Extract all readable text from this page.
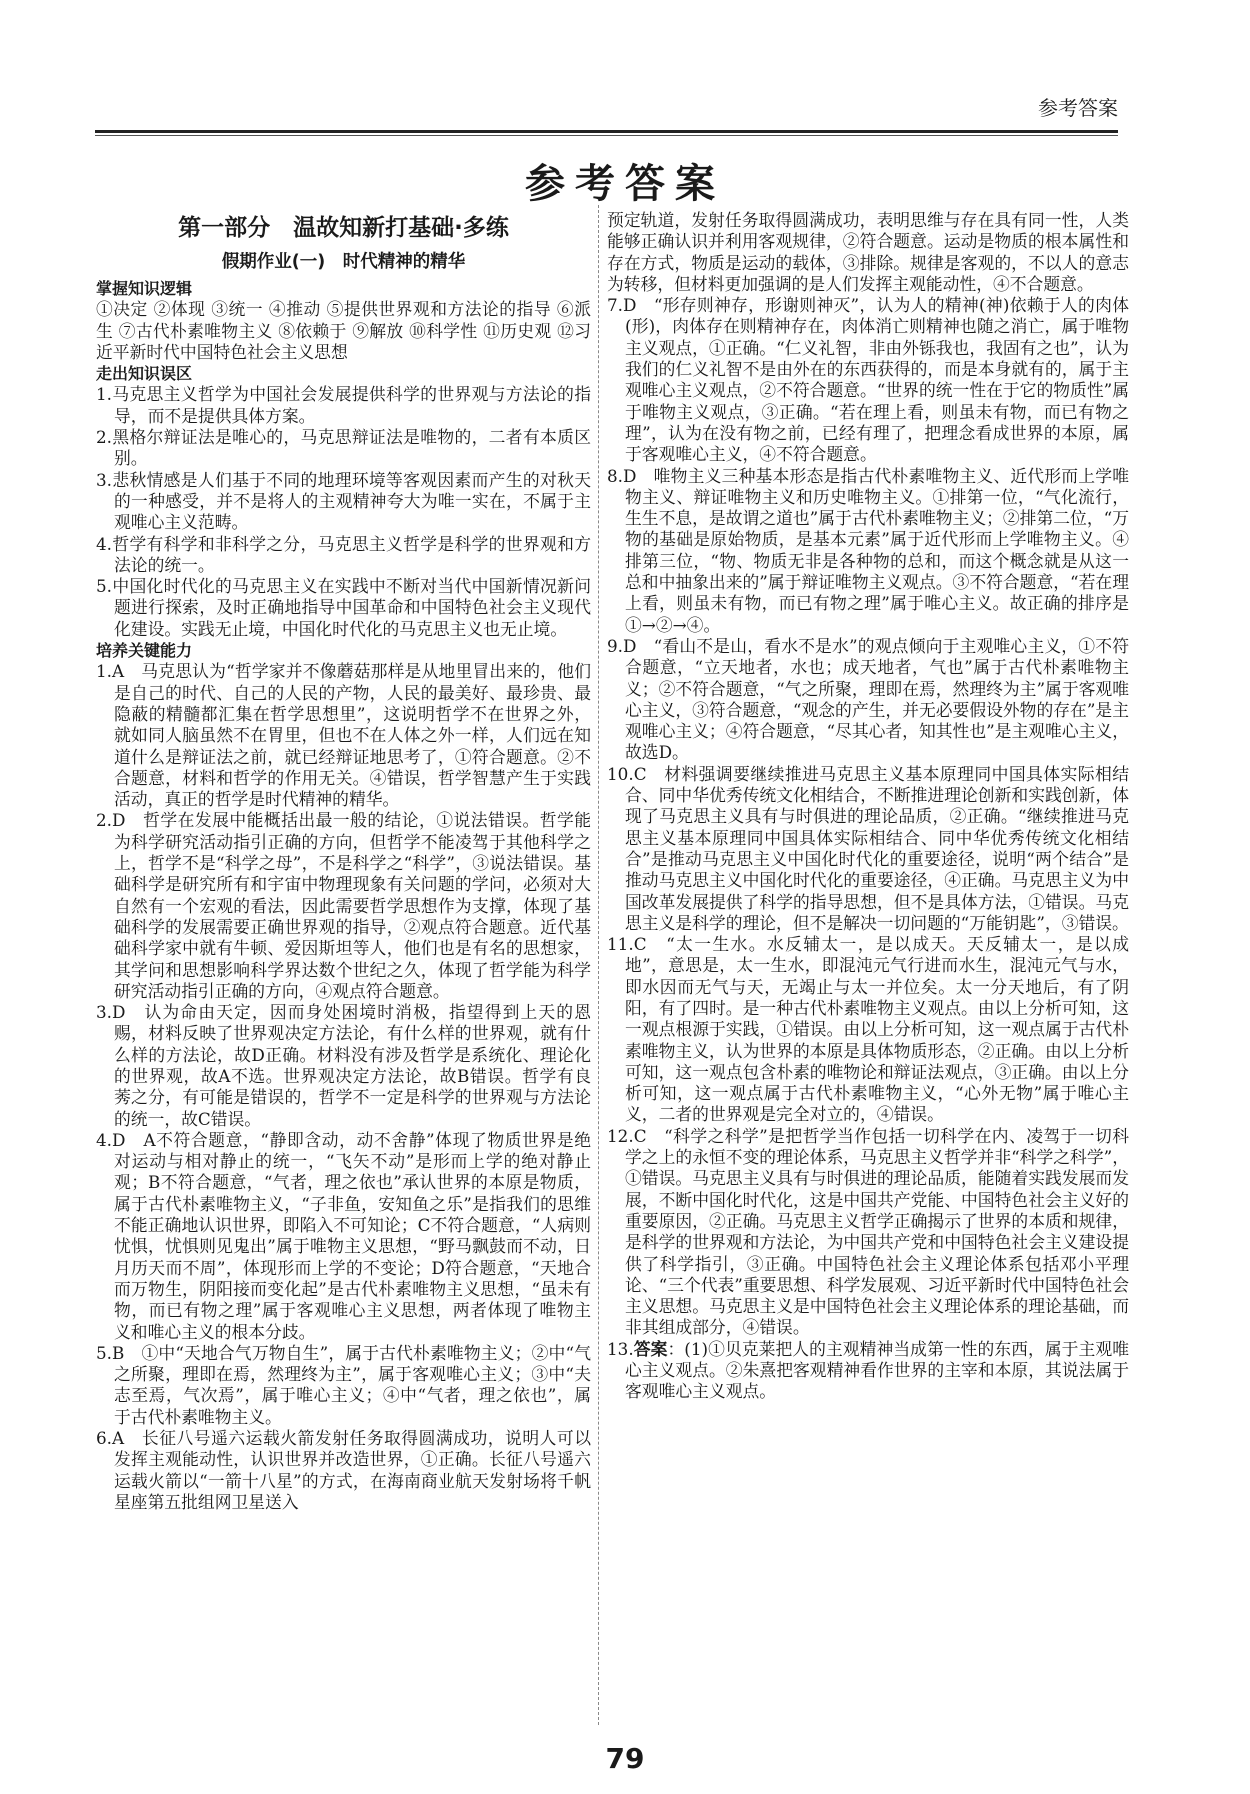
参考答案
参考答案
第一部分　温故知新打基础·多练
假期作业(一)　时代精神的精华
掌握知识逻辑
①决定 ②体现 ③统一 ④推动 ⑤提供世界观和方法论的指导 ⑥派生 ⑦古代朴素唯物主义 ⑧依赖于 ⑨解放 ⑩科学性 ⑪历史观 ⑫习近平新时代中国特色社会主义思想
走出知识误区
1.马克思主义哲学为中国社会发展提供科学的世界观与方法论的指导，而不是提供具体方案。
2.黑格尔辩证法是唯心的，马克思辩证法是唯物的，二者有本质区别。
3.悲秋情感是人们基于不同的地理环境等客观因素而产生的对秋天的一种感受，并不是将人的主观精神夸大为唯一实在，不属于主观唯心主义范畴。
4.哲学有科学和非科学之分，马克思主义哲学是科学的世界观和方法论的统一。
5.中国化时代化的马克思主义在实践中不断对当代中国新情况新问题进行探索，及时正确地指导中国革命和中国特色社会主义现代化建设。实践无止境，中国化时代化的马克思主义也无止境。
培养关键能力
1.A　马克思认为“哲学家并不像蘑菇那样是从地里冒出来的，他们是自己的时代、自己的人民的产物，人民的最美好、最珍贵、最隐蔽的精髓都汇集在哲学思想里”，这说明哲学不在世界之外，就如同人脑虽然不在胃里，但也不在人体之外一样，人们远在知道什么是辩证法之前，就已经辩证地思考了，①符合题意。②不合题意，材料和哲学的作用无关。④错误，哲学智慧产生于实践活动，真正的哲学是时代精神的精华。
2.D　哲学在发展中能概括出最一般的结论，①说法错误。哲学能为科学研究活动指引正确的方向，但哲学不能凌驾于其他科学之上，哲学不是“科学之母”，不是科学之“科学”，③说法错误。基础科学是研究所有和宇宙中物理现象有关问题的学问，必须对大自然有一个宏观的看法，因此需要哲学思想作为支撑，体现了基础科学的发展需要正确世界观的指导，②观点符合题意。近代基础科学家中就有牛顿、爱因斯坦等人，他们也是有名的思想家，其学问和思想影响科学界达数个世纪之久，体现了哲学能为科学研究活动指引正确的方向，④观点符合题意。
3.D　认为命由天定，因而身处困境时消极，指望得到上天的恩赐，材料反映了世界观决定方法论，有什么样的世界观，就有什么样的方法论，故D正确。材料没有涉及哲学是系统化、理论化的世界观，故A不选。世界观决定方法论，故B错误。哲学有良莠之分，有可能是错误的，哲学不一定是科学的世界观与方法论的统一，故C错误。
4.D　A不符合题意，“静即含动，动不舍静”体现了物质世界是绝对运动与相对静止的统一，“飞矢不动”是形而上学的绝对静止观；B不符合题意，“气者，理之依也”承认世界的本原是物质，属于古代朴素唯物主义，“子非鱼，安知鱼之乐”是指我们的思维不能正确地认识世界，即陷入不可知论；C不符合题意，“人病则忧惧，忧惧则见鬼出”属于唯物主义思想，“野马飘鼓而不动，日月历天而不周”，体现形而上学的不变论；D符合题意，“天地合而万物生，阴阳接而变化起”是古代朴素唯物主义思想，“虽未有物，而已有物之理”属于客观唯心主义思想，两者体现了唯物主义和唯心主义的根本分歧。
5.B　①中“天地合气万物自生”，属于古代朴素唯物主义；②中“气之所聚，理即在焉，然理终为主”，属于客观唯心主义；③中“夫志至焉，气次焉”，属于唯心主义；④中“气者，理之依也”，属于古代朴素唯物主义。
6.A　长征八号遥六运载火箭发射任务取得圆满成功，说明人可以发挥主观能动性，认识世界并改造世界，①正确。长征八号遥六运载火箭以“一箭十八星”的方式，在海南商业航天发射场将千帆星座第五批组网卫星送入
预定轨道，发射任务取得圆满成功，表明思维与存在具有同一性，人类能够正确认识并利用客观规律，②符合题意。运动是物质的根本属性和存在方式，物质是运动的载体，③排除。规律是客观的，不以人的意志为转移，但材料更加强调的是人们发挥主观能动性，④不合题意。
7.D　“形存则神存，形谢则神灭”，认为人的精神(神)依赖于人的肉体(形)，肉体存在则精神存在，肉体消亡则精神也随之消亡，属于唯物主义观点，①正确。“仁义礼智，非由外铄我也，我固有之也”，认为我们的仁义礼智不是由外在的东西获得的，而是本身就有的，属于主观唯心主义观点，②不符合题意。“世界的统一性在于它的物质性”属于唯物主义观点，③正确。“若在理上看，则虽未有物，而已有物之理”，认为在没有物之前，已经有理了，把理念看成世界的本原，属于客观唯心主义，④不符合题意。
8.D　唯物主义三种基本形态是指古代朴素唯物主义、近代形而上学唯物主义、辩证唯物主义和历史唯物主义。①排第一位，“气化流行，生生不息，是故谓之道也”属于古代朴素唯物主义；②排第二位，“万物的基础是原始物质，是基本元素”属于近代形而上学唯物主义。④排第三位，“物、物质无非是各种物的总和，而这个概念就是从这一总和中抽象出来的”属于辩证唯物主义观点。③不符合题意，“若在理上看，则虽未有物，而已有物之理”属于唯心主义。故正确的排序是①→②→④。
9.D　“看山不是山，看水不是水”的观点倾向于主观唯心主义，①不符合题意，“立天地者，水也；成天地者，气也”属于古代朴素唯物主义；②不符合题意，“气之所聚，理即在焉，然理终为主”属于客观唯心主义，③符合题意，“观念的产生，并无必要假设外物的存在”是主观唯心主义；④符合题意，“尽其心者，知其性也”是主观唯心主义，故选D。
10.C　材料强调要继续推进马克思主义基本原理同中国具体实际相结合、同中华优秀传统文化相结合，不断推进理论创新和实践创新，体现了马克思主义具有与时俱进的理论品质，②正确。“继续推进马克思主义基本原理同中国具体实际相结合、同中华优秀传统文化相结合”是推动马克思主义中国化时代化的重要途径，说明“两个结合”是推动马克思主义中国化时代化的重要途径，④正确。马克思主义为中国改革发展提供了科学的指导思想，但不是具体方法，①错误。马克思主义是科学的理论，但不是解决一切问题的“万能钥匙”，③错误。
11.C　“太一生水。水反辅太一，是以成天。天反辅太一，是以成地”，意思是，太一生水，即混沌元气行进而水生，混沌元气与水，即水因而无气与天，无竭止与太一并位矣。太一分天地后，有了阴阳，有了四时。是一种古代朴素唯物主义观点。由以上分析可知，这一观点根源于实践，①错误。由以上分析可知，这一观点属于古代朴素唯物主义，认为世界的本原是具体物质形态，②正确。由以上分析可知，这一观点包含朴素的唯物论和辩证法观点，③正确。由以上分析可知，这一观点属于古代朴素唯物主义，“心外无物”属于唯心主义，二者的世界观是完全对立的，④错误。
12.C　“科学之科学”是把哲学当作包括一切科学在内、凌驾于一切科学之上的永恒不变的理论体系，马克思主义哲学并非“科学之科学”，①错误。马克思主义具有与时俱进的理论品质，能随着实践发展而发展，不断中国化时代化，这是中国共产党能、中国特色社会主义好的重要原因，②正确。马克思主义哲学正确揭示了世界的本质和规律，是科学的世界观和方法论，为中国共产党和中国特色社会主义建设提供了科学指引，③正确。中国特色社会主义理论体系包括邓小平理论、“三个代表”重要思想、科学发展观、习近平新时代中国特色社会主义思想。马克思主义是中国特色社会主义理论体系的理论基础，而非其组成部分，④错误。
13.答案：(1)①贝克莱把人的主观精神当成第一性的东西，属于主观唯心主义观点。②朱熹把客观精神看作世界的主宰和本原，其说法属于客观唯心主义观点。
79
